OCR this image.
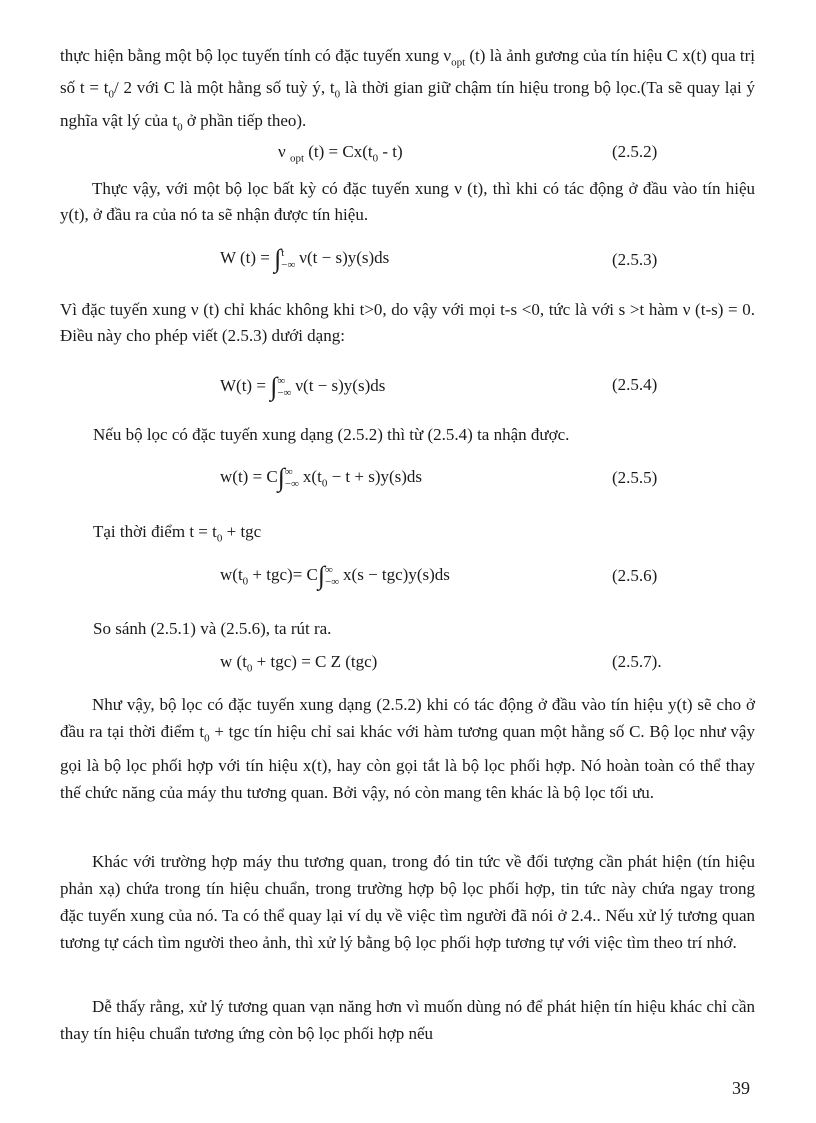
thực hiện bằng một bộ lọc tuyến tính có đặc tuyến xung $\nu_{opt}$ (t) là ảnh gương của tín hiệu C x(t) qua trị số $t = t_0/$ 2 với C là một hằng số tuỳ ý, $t_0$ là thời gian giữ chậm tín hiệu trong bộ lọc.(Ta sẽ quay lại ý nghĩa vật lý của $t_0$ ở phần tiếp theo).

ν $_{opt}$ $(t) = Cx(t_0 - t)$	(2.5.2)

Thực vậy, với một bộ lọc bất kỳ có đặc tuyến xung ν (t), thì khi có tác động ở đầu vào tín hiệu y(t), ở đầu ra của nó ta sẽ nhận được tín hiệu.

W (t) = ∫t
−∞ ν(t − s)y(s)ds	(2.5.3)

Vì đặc tuyến xung ν (t) chỉ khác không khi t>0, do vậy với mọi t-s <0, tức là với s >t hàm ν (t-s) = 0. Điều này cho phép viết (2.5.3) dưới dạng:

W(t) = ∫∞
−∞ ν(t − s)y(s)ds	(2.5.4)
Nếu bộ lọc có đặc tuyến xung dạng (2.5.2) thì từ (2.5.4) ta nhận được.
w(t) = C∫∞
−∞ $x(t_0 - t + s)y(s)ds$	(2.5.5)
Tại thời điểm $t = t_0$ + tgc
$w(t_0 + tgc)= C\int\infty$
−∞ x(s − tgc)y(s)ds	(2.5.6)
So sánh (2.5.1) và (2.5.6), ta rút ra.
w $(t_0 + tgc) = C$ Z (tgc)	(2.5.7).

Như vậy, bộ lọc có đặc tuyến xung dạng (2.5.2) khi có tác động ở đầu vào tín hiệu y(t) sẽ cho ở đầu ra tại thời điểm $t_0$ + tgc tín hiệu chỉ sai khác với hàm tương quan một hằng số C. Bộ lọc như vậy gọi là bộ lọc phối hợp với tín hiệu x(t), hay còn gọi tắt là bộ lọc phối hợp. Nó hoàn toàn có thể thay thế chức năng của máy thu tương quan. Bởi vậy, nó còn mang tên khác là bộ lọc tối ưu.

Khác với trường hợp máy thu tương quan, trong đó tin tức về đối tượng cần phát hiện (tín hiệu phản xạ) chứa trong tín hiệu chuẩn, trong trường hợp bộ lọc phối hợp, tin tức này chứa ngay trong đặc tuyến xung của nó. Ta có thể quay lại ví dụ về việc tìm người đã nói ở 2.4.. Nếu xử lý tương quan tương tự cách tìm người theo ảnh, thì xử lý bằng bộ lọc phối hợp tương tự với việc tìm theo trí nhớ.

Dễ thấy rằng, xử lý tương quan vạn năng hơn vì muốn dùng nó để phát hiện tín hiệu khác chỉ cần thay tín hiệu chuẩn tương ứng còn bộ lọc phối hợp nếu

39
